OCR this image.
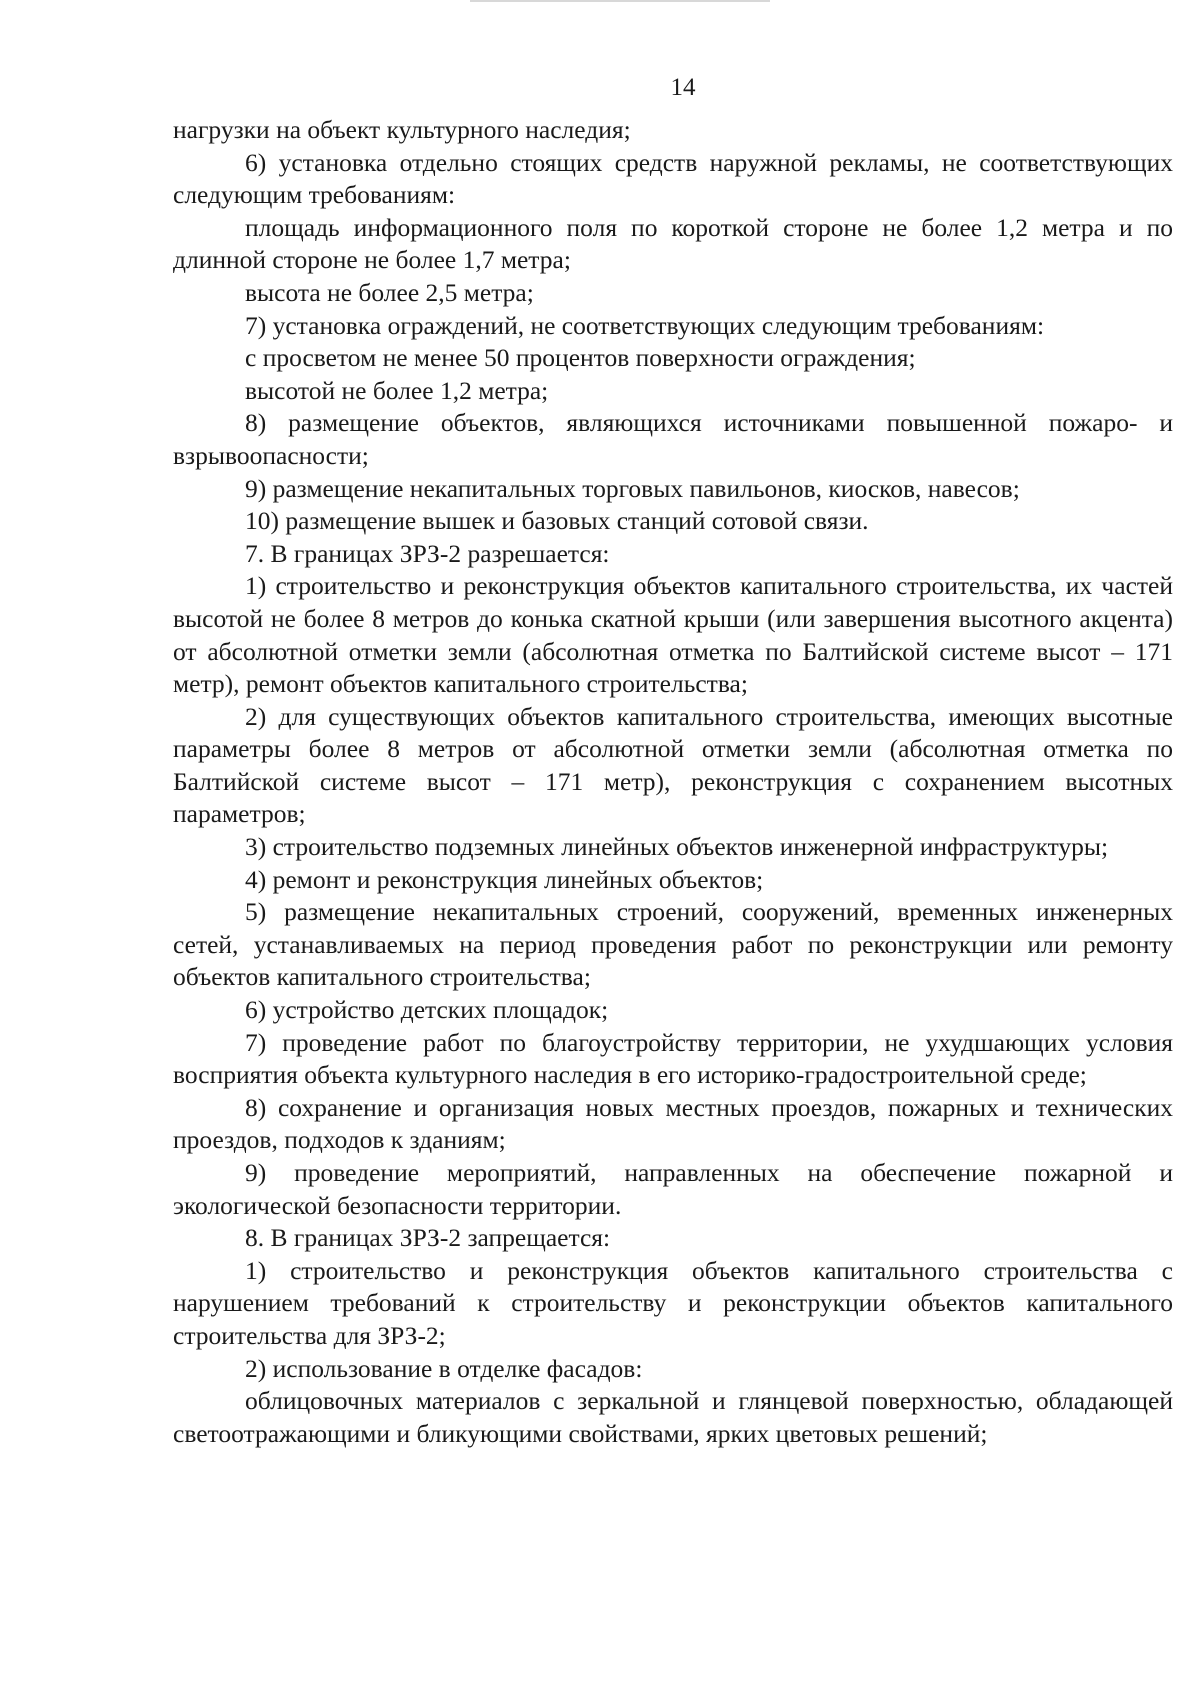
14

нагрузки на объект культурного наследия;

6) установка отдельно стоящих средств наружной рекламы, не соответствующих следующим требованиям:

площадь информационного поля по короткой стороне не более 1,2 метра и по длинной стороне не более 1,7 метра;

высота не более 2,5 метра;

7) установка ограждений, не соответствующих следующим требованиям:

с просветом не менее 50 процентов поверхности ограждения;

высотой не более 1,2 метра;

8) размещение объектов, являющихся источниками повышенной пожаро- и взрывоопасности;

9) размещение некапитальных торговых павильонов, киосков, навесов;

10) размещение вышек и базовых станций сотовой связи.

7. В границах ЗРЗ-2 разрешается:

1) строительство и реконструкция объектов капитального строительства, их частей высотой не более 8 метров до конька скатной крыши (или завершения высотного акцента) от абсолютной отметки земли (абсолютная отметка по Балтийской системе высот – 171 метр), ремонт объектов капитального строительства;

2) для существующих объектов капитального строительства, имеющих высотные параметры более 8 метров от абсолютной отметки земли (абсолютная отметка по Балтийской системе высот – 171 метр), реконструкция с сохранением высотных параметров;

3) строительство подземных линейных объектов инженерной инфраструктуры;

4) ремонт и реконструкция линейных объектов;

5) размещение некапитальных строений, сооружений, временных инженерных сетей, устанавливаемых на период проведения работ по реконструкции или ремонту объектов капитального строительства;

6) устройство детских площадок;

7) проведение работ по благоустройству территории, не ухудшающих условия восприятия объекта культурного наследия в его историко-градостроительной среде;

8) сохранение и организация новых местных проездов, пожарных и технических проездов, подходов к зданиям;

9) проведение мероприятий, направленных на обеспечение пожарной и экологической безопасности территории.

8. В границах ЗРЗ-2 запрещается:

1) строительство и реконструкция объектов капитального строительства с нарушением требований к строительству и реконструкции объектов капитального строительства для ЗРЗ-2;

2) использование в отделке фасадов:

облицовочных материалов с зеркальной и глянцевой поверхностью, обладающей светоотражающими и бликующими свойствами, ярких цветовых решений;
